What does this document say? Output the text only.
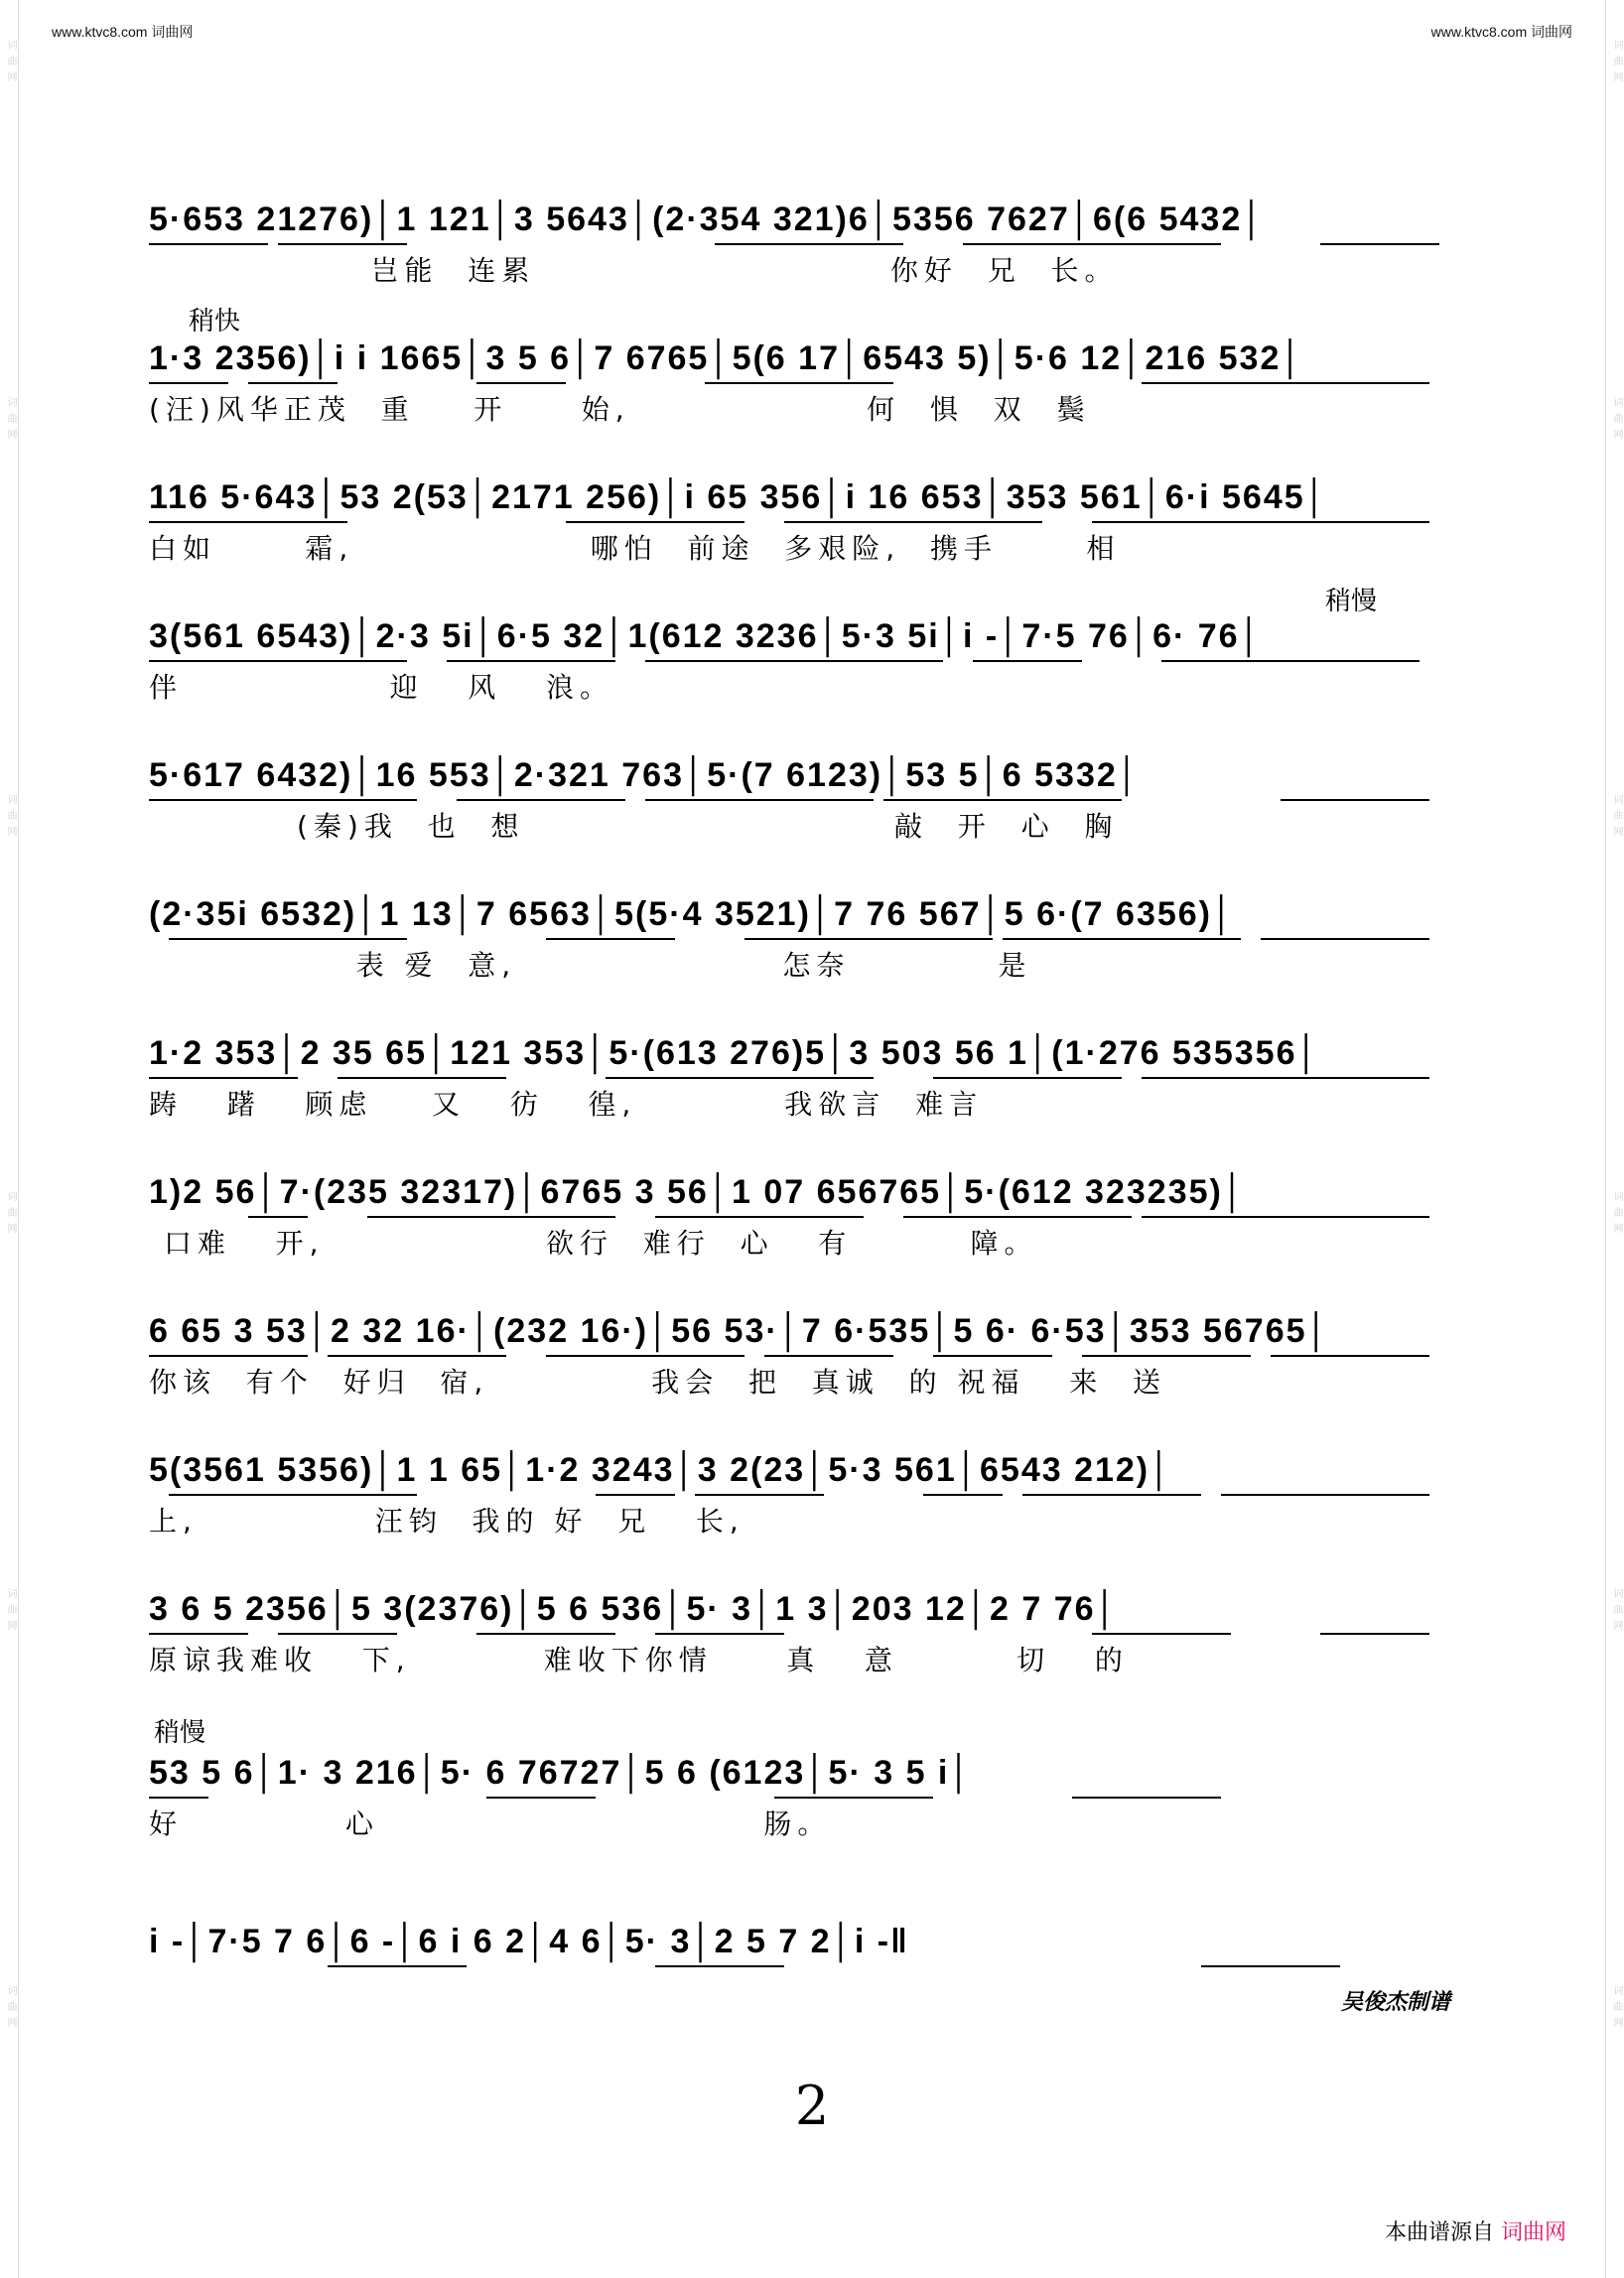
词曲网
词曲网
词曲网
词曲网
词曲网
词曲网
词曲网
词曲网
词曲网
词曲网
词曲网
词曲网
www.ktvc8.com 词曲网	www.ktvc8.com 词曲网
稍快
稍慢
稍慢
5·653 21276)│1 121│3 5643│(2·354 321)6│5356 7627│6(6 5432│
岂能  连累                        你好  兄  长。
1·3 2356)│i i 1665│3 5 6│7 6765│5(6 17│6543 5)│5·6 12│216 532│
(汪)风华正茂  重    开     始,                何  惧  双  鬓
116 5·643│53 2(53│2171 256)│i 65 356│i 16 653│353 561│6·i 5645│
白如      霜,                哪怕  前途  多艰险,  携手      相
3(561 6543)│2·3 5i│6·5 32│1(612 3236│5·3 5i│i -│7·5 76│6· 76│
伴              迎   风   浪。
5·617 6432)│16 553│2·321 763│5·(7 6123)│53 5│6 5332│
(秦)我  也  想                         敲  开  心  胸
(2·35i 6532)│1 13│7 6563│5(5·4 3521)│7 76 567│5 6·(7 6356)│
表 爱  意,                  怎奈          是
1·2 353│2 35 65│121 353│5·(613 276)5│3 503 56 1│(1·276 535356│
踌   躇   顾虑    又   彷   徨,          我欲言  难言
1)2 56│7·(235 32317)│6765 3 56│1 07 656765│5·(612 323235)│
口难   开,               欲行  难行  心   有        障。
6 65 3 53│2 32 16·│(232 16·)│56 53·│7 6·535│5 6· 6·53│353 56765│
你该  有个  好归  宿,           我会  把  真诚  的 祝福   来  送
5(3561 5356)│1 1 65│1·2 3243│3 2(23│5·3 561│6543 212)│
上,            汪钧  我的 好  兄   长,
3 6 5 2356│5 3(2376)│5 6 536│5· 3│1 3│203 12│2 7 76│
原谅我难收   下,         难收下你情     真   意        切   的
53 5 6│1· 3 216│5· 6 76727│5 6 (6123│5· 3 5 i│
好           心                          肠。
i -│7·5 7 6│6 -│6 i 6 2│4 6│5· 3│2 5 7 2│i -‖
吴俊杰制谱
2
本曲谱源自 词曲网
